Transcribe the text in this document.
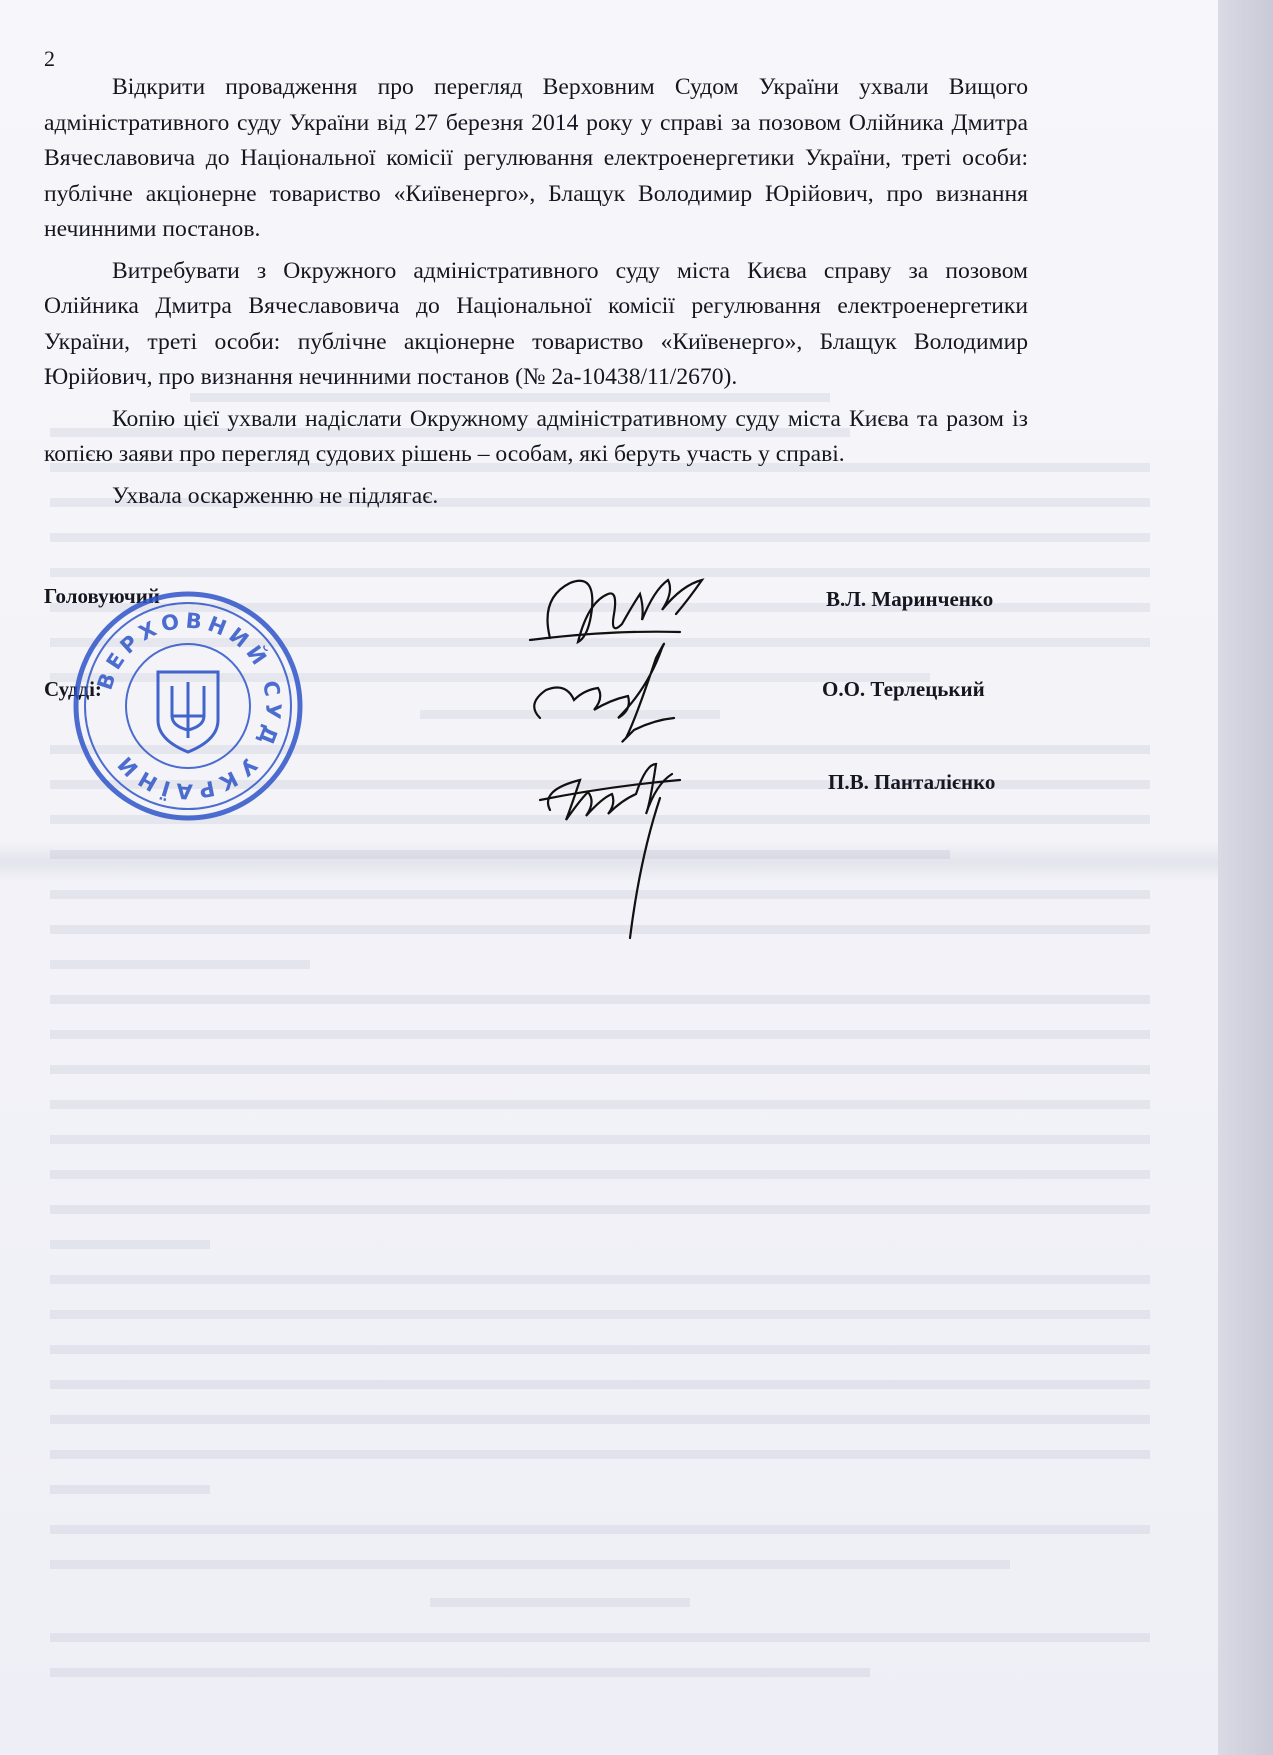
2

Відкрити провадження про перегляд Верховним Судом України ухвали Вищого адміністративного суду України від 27 березня 2014 року у справі за позовом Олійника Дмитра Вячеславовича до Національної комісії регулювання електроенергетики України, треті особи: публічне акціонерне товариство «Київенерго», Блащук Володимир Юрійович, про визнання нечинними постанов.

Витребувати з Окружного адміністративного суду міста Києва справу за позовом Олійника Дмитра Вячеславовича до Національної комісії регулювання електроенергетики України, треті особи: публічне акціонерне товариство «Київенерго», Блащук Володимир Юрійович, про визнання нечинними постанов (№ 2а-10438/11/2670).

Копію цієї ухвали надіслати Окружному адміністративному суду міста Києва та разом із копією заяви про перегляд судових рішень – особам, які беруть участь у справі.

Ухвала оскарженню не підлягає.

Головуючий	В.Л. Маринченко
Судді:	О.О. Терлецький
П.В. Панталієнко
ВЕРХОВНИЙ СУД УКРАЇНИ
